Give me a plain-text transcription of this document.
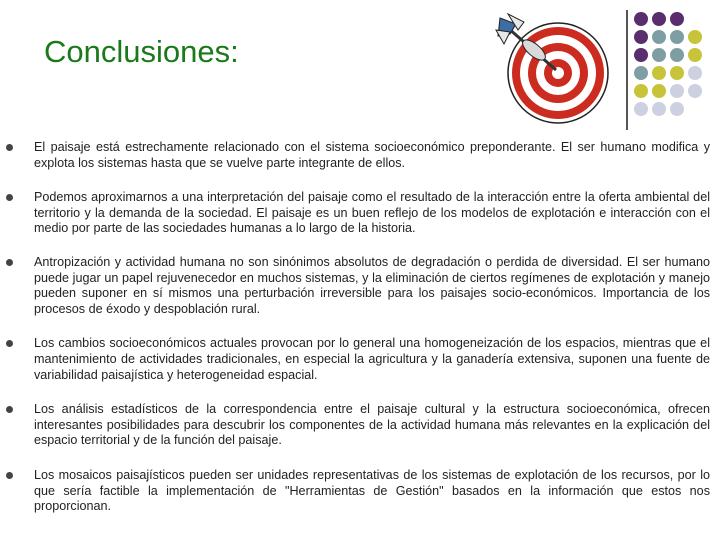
Conclusiones:
El paisaje está estrechamente relacionado con el sistema socioeconómico preponderante. El ser humano modifica y explota los sistemas hasta que se vuelve parte integrante de ellos.
Podemos aproximarnos a una interpretación del paisaje como el resultado de la interacción entre la oferta ambiental del territorio y la demanda de la sociedad. El paisaje es un buen reflejo de los modelos de explotación e interacción con el medio por parte de las sociedades humanas a lo largo de la historia.
Antropización y actividad humana no son sinónimos absolutos de degradación o perdida de diversidad. El ser humano puede jugar un papel rejuvenecedor en muchos sistemas, y la eliminación de ciertos regímenes de explotación y manejo pueden suponer en sí mismos una perturbación irreversible para los paisajes socio-económicos. Importancia de los procesos de éxodo y despoblación rural.
Los cambios socioeconómicos actuales provocan por lo general una homogeneización de los espacios, mientras que el mantenimiento de actividades tradicionales, en especial la agricultura y la ganadería extensiva, suponen una fuente de variabilidad paisajística y heterogeneidad espacial.
Los análisis estadísticos de la correspondencia entre el paisaje cultural y la estructura socioeconómica, ofrecen interesantes posibilidades para descubrir los componentes de la actividad humana más relevantes en la explicación del espacio territorial y de la función del paisaje.
Los mosaicos paisajísticos pueden ser unidades representativas de los sistemas de explotación de los recursos, por lo que sería factible la implementación de "Herramientas de Gestión" basados en la información que estos nos proporcionan.
